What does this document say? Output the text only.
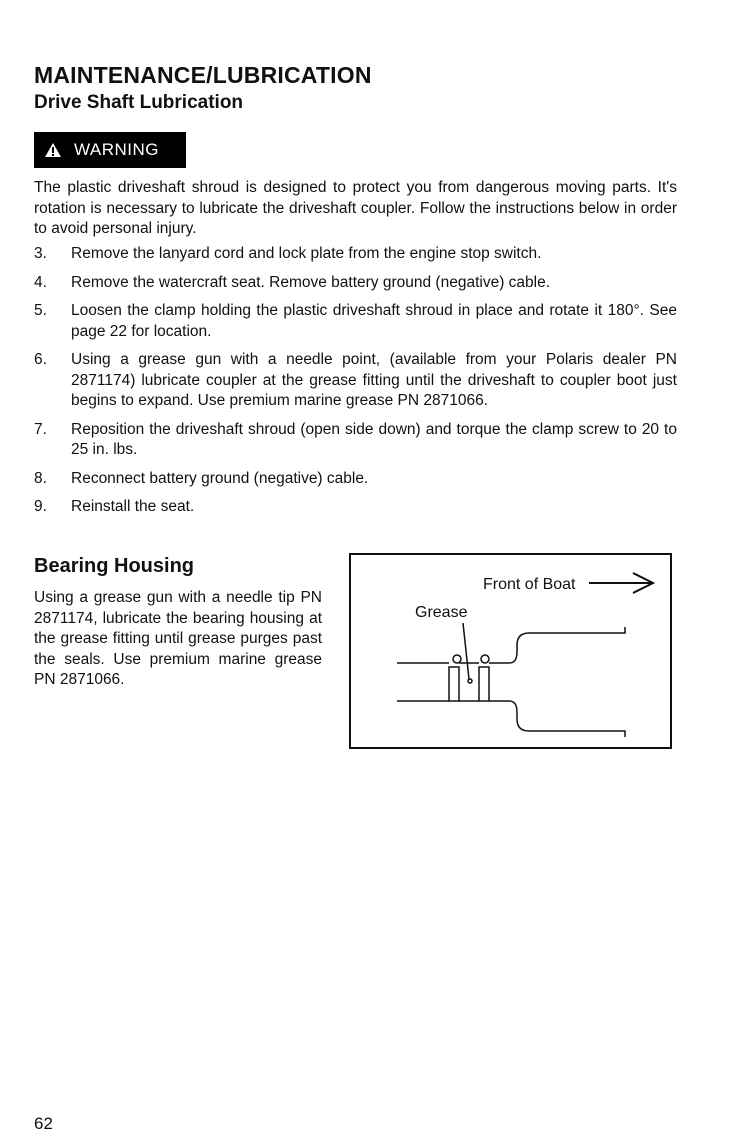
MAINTENANCE/LUBRICATION
Drive Shaft Lubrication
WARNING

The plastic driveshaft shroud is designed to protect you from dangerous moving parts. It's rotation is necessary to lubricate the driveshaft coupler. Follow the instructions below in order to avoid personal injury.

3.	Remove the lanyard cord and lock plate from the engine stop switch.
4.	Remove the watercraft seat. Remove battery ground (negative) cable.
5.	Loosen the clamp holding the plastic driveshaft shroud in place and rotate it 180°. See page 22 for location.
6.	Using a grease gun with a needle point, (available from your Polaris dealer PN 2871174) lubricate coupler at the grease fitting until the driveshaft to coupler boot just begins to expand. Use premium marine grease PN 2871066.
7.	Reposition the driveshaft shroud (open side down) and torque the clamp screw to 20 to 25 in. lbs.
8.	Reconnect battery ground (negative) cable.
9.	Reinstall the seat.
Bearing Housing

Using a grease gun with a needle tip PN 2871174, lubricate the bearing housing at the grease fitting until grease purges past the seals. Use premium marine grease PN 2871066.

Front of Boat
Grease
62
